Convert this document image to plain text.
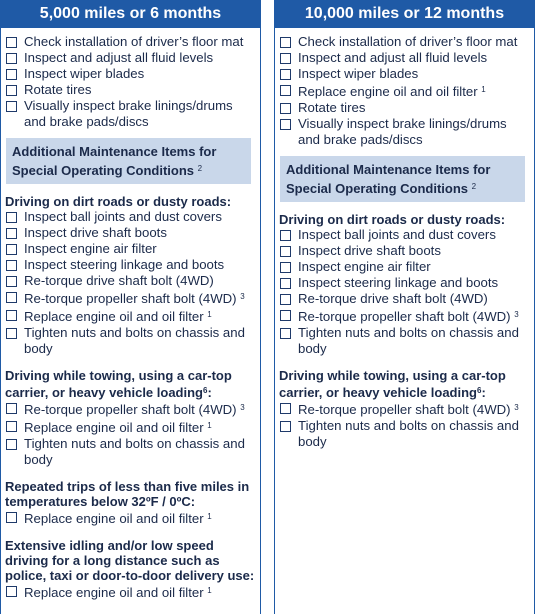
5,000 miles or 6 months
Check installation of driver’s floor mat
Inspect and adjust all fluid levels
Inspect wiper blades
Rotate tires
Visually inspect brake linings/drums and brake pads/discs
Additional Maintenance Items for Special Operating Conditions $^2$
Driving on dirt roads or dusty roads:
Inspect ball joints and dust covers
Inspect drive shaft boots
Inspect engine air filter
Inspect steering linkage and boots
Re-torque drive shaft bolt (4WD)
Re-torque propeller shaft bolt (4WD) $^3$
Replace engine oil and oil filter $^1$
Tighten nuts and bolts on chassis and body
Driving while towing, using a car-top carrier, or heavy vehicle loading$^6$:
Re-torque propeller shaft bolt (4WD) $^3$
Replace engine oil and oil filter $^1$
Tighten nuts and bolts on chassis and body
Repeated trips of less than five miles in temperatures below 32ºF / 0ºC:
Replace engine oil and oil filter $^1$
Extensive idling and/or low speed driving for a long distance such as police, taxi or door-to-door delivery use:
Replace engine oil and oil filter $^1$
10,000 miles or 12 months
Check installation of driver’s floor mat
Inspect and adjust all fluid levels
Inspect wiper blades
Replace engine oil and oil filter $^1$
Rotate tires
Visually inspect brake linings/drums and brake pads/discs
Additional Maintenance Items for Special Operating Conditions $^2$
Driving on dirt roads or dusty roads:
Inspect ball joints and dust covers
Inspect drive shaft boots
Inspect engine air filter
Inspect steering linkage and boots
Re-torque drive shaft bolt (4WD)
Re-torque propeller shaft bolt (4WD) $^3$
Tighten nuts and bolts on chassis and body
Driving while towing, using a car-top carrier, or heavy vehicle loading$^6$:
Re-torque propeller shaft bolt (4WD) $^3$
Tighten nuts and bolts on chassis and body
